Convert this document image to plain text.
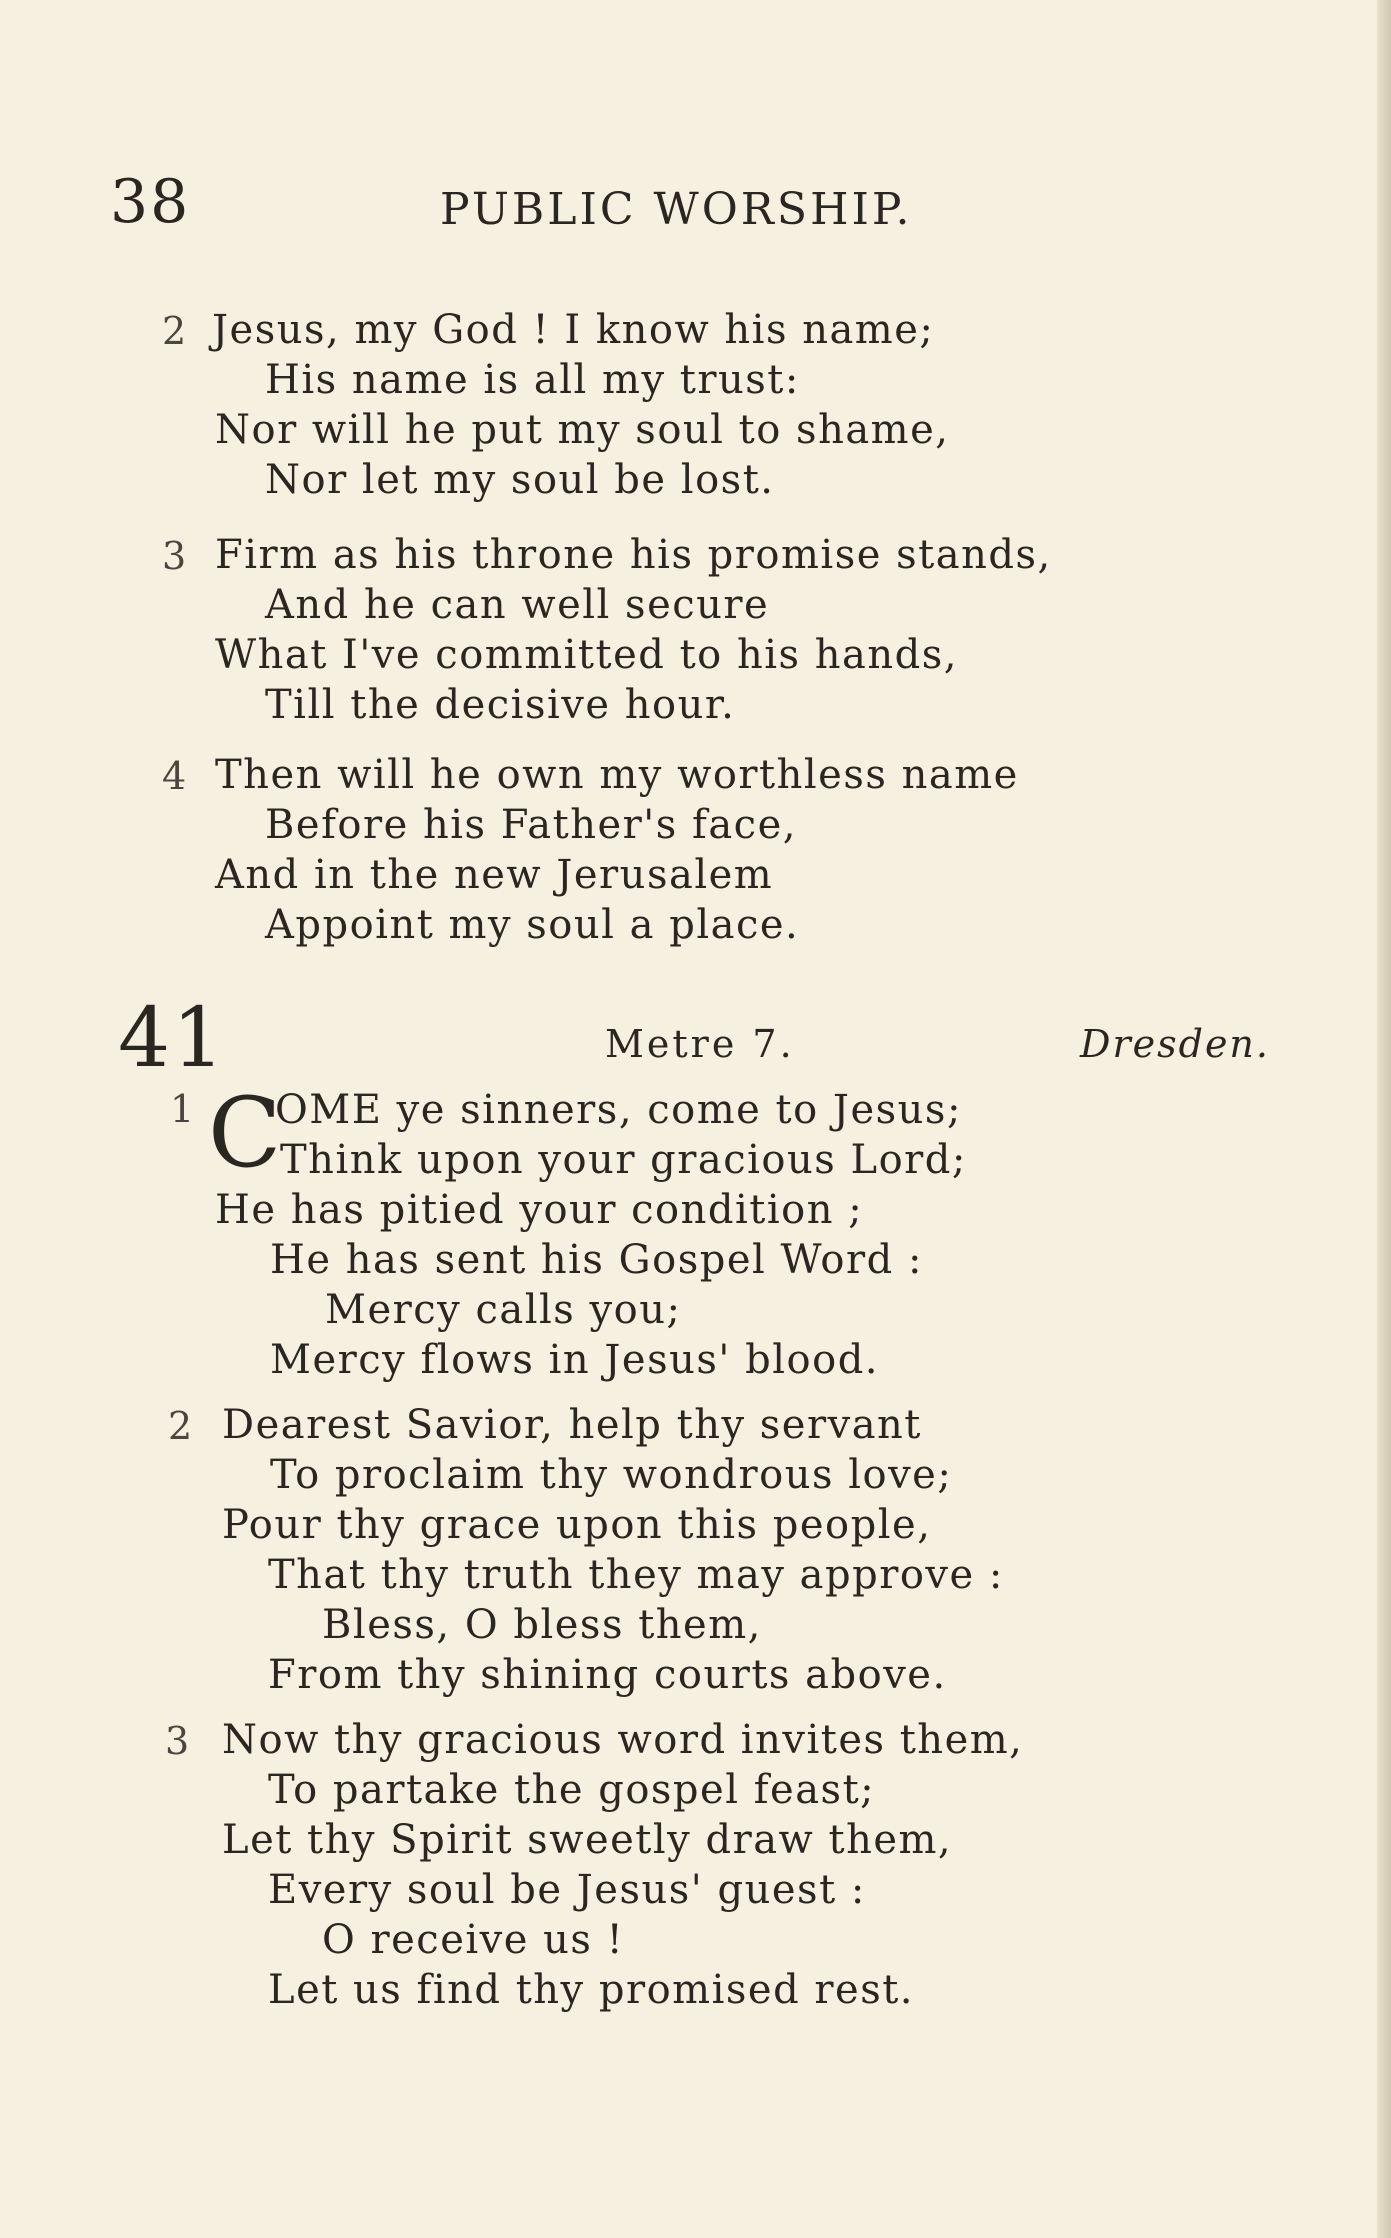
38	PUBLIC WORSHIP.
2 Jesus, my God ! I know his name;
His name is all my trust:
Nor will he put my soul to shame,
Nor let my soul be lost.
3 Firm as his throne his promise stands,
And he can well secure
What I've committed to his hands,
Till the decisive hour.
4 Then will he own my worthless name
Before his Father's face,
And in the new Jerusalem
Appoint my soul a place.
41	Metre 7.	Dresden.
1 C
OME ye sinners, come to Jesus;
Think upon your gracious Lord;
He has pitied your condition ;
He has sent his Gospel Word :
Mercy calls you;
Mercy flows in Jesus' blood.
2 Dearest Savior, help thy servant
To proclaim thy wondrous love;
Pour thy grace upon this people,
That thy truth they may approve :
Bless, O bless them,
From thy shining courts above.
3 Now thy gracious word invites them,
To partake the gospel feast;
Let thy Spirit sweetly draw them,
Every soul be Jesus' guest :
O receive us !
Let us find thy promised rest.
